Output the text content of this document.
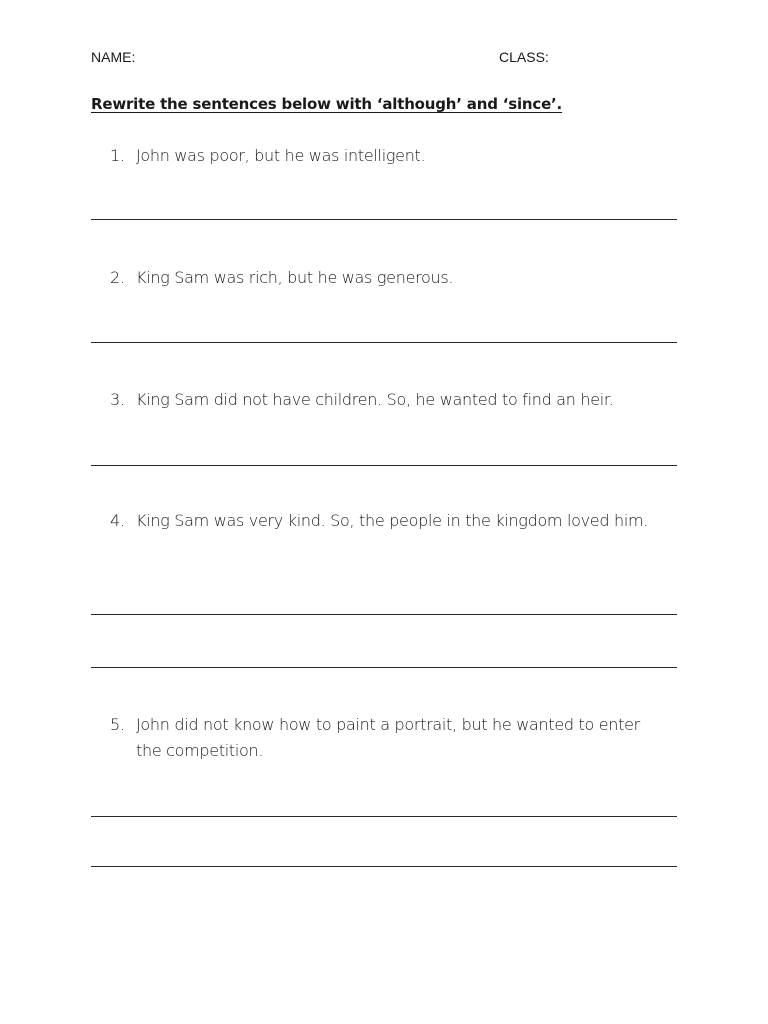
NAME:	CLASS:
Rewrite the sentences below with ‘although’ and ‘since’.
1. John was poor, but he was intelligent.
2. King Sam was rich, but he was generous.
3. King Sam did not have children. So, he wanted to find an heir.
4. King Sam was very kind. So, the people in the kingdom loved him.
5. John did not know how to paint a portrait, but he wanted to enter the competition.
